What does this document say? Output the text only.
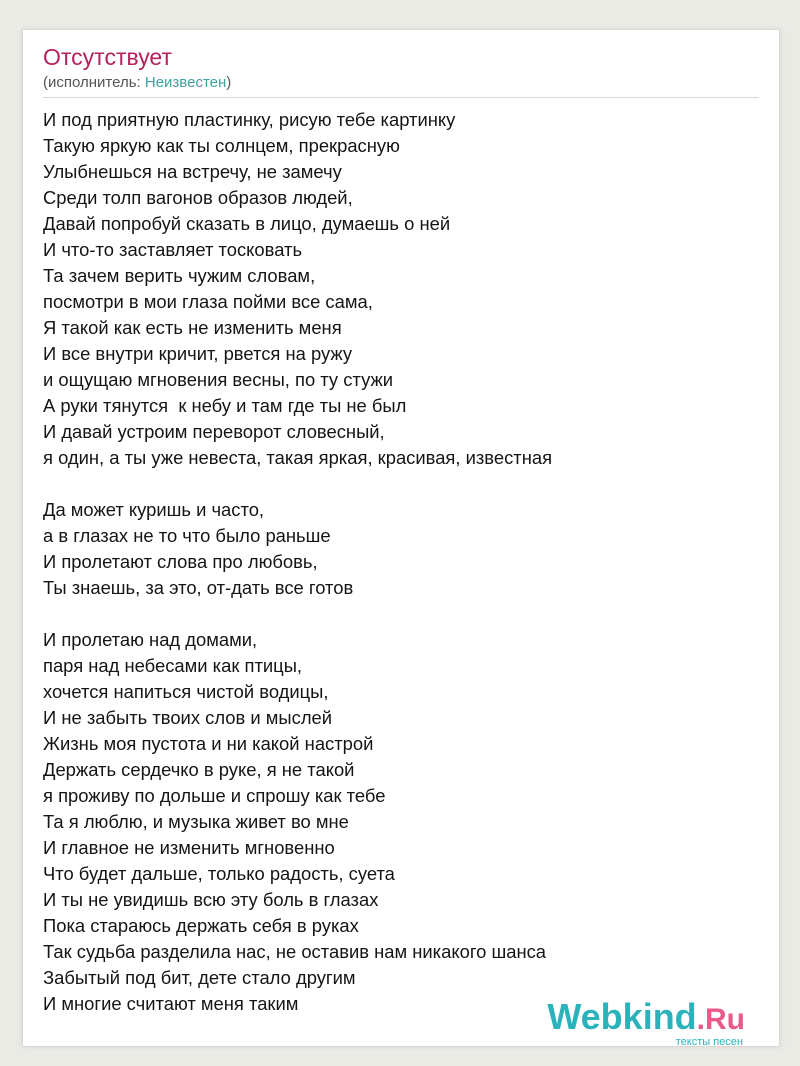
Отсутствует
(исполнитель: Неизвестен)
И под приятную пластинку, рисую тебе картинку
Такую яркую как ты солнцем, прекрасную
Улыбнешься на встречу, не замечу
Среди толп вагонов образов людей,
Давай попробуй сказать в лицо, думаешь о ней
И что-то заставляет тосковать
Та зачем верить чужим словам,
посмотри в мои глаза пойми все сама,
Я такой как есть не изменить меня
И все внутри кричит, рвется на ружу
и ощущаю мгновения весны, по ту стужи
А руки тянутся  к небу и там где ты не был
И давай устроим переворот словесный,
я один, а ты уже невеста, такая яркая, красивая, известная
Да может куришь и часто,
а в глазах не то что было раньше
И пролетают слова про любовь,
Ты знаешь, за это, от-дать все готов
И пролетаю над домами,
паря над небесами как птицы,
хочется напиться чистой водицы,
И не забыть твоих слов и мыслей
Жизнь моя пустота и ни какой настрой
Держать сердечко в руке, я не такой
я проживу по дольше и спрошу как тебе
Та я люблю, и музыка живет во мне
И главное не изменить мгновенно
Что будет дальше, только радость, суета
И ты не увидишь всю эту боль в глазах
Пока стараюсь держать себя в руках
Так судьба разделила нас, не оставив нам никакого шанса
Забытый под бит, дете стало другим
И многие считают меня таким	Webkind.Ru
тексты песен
